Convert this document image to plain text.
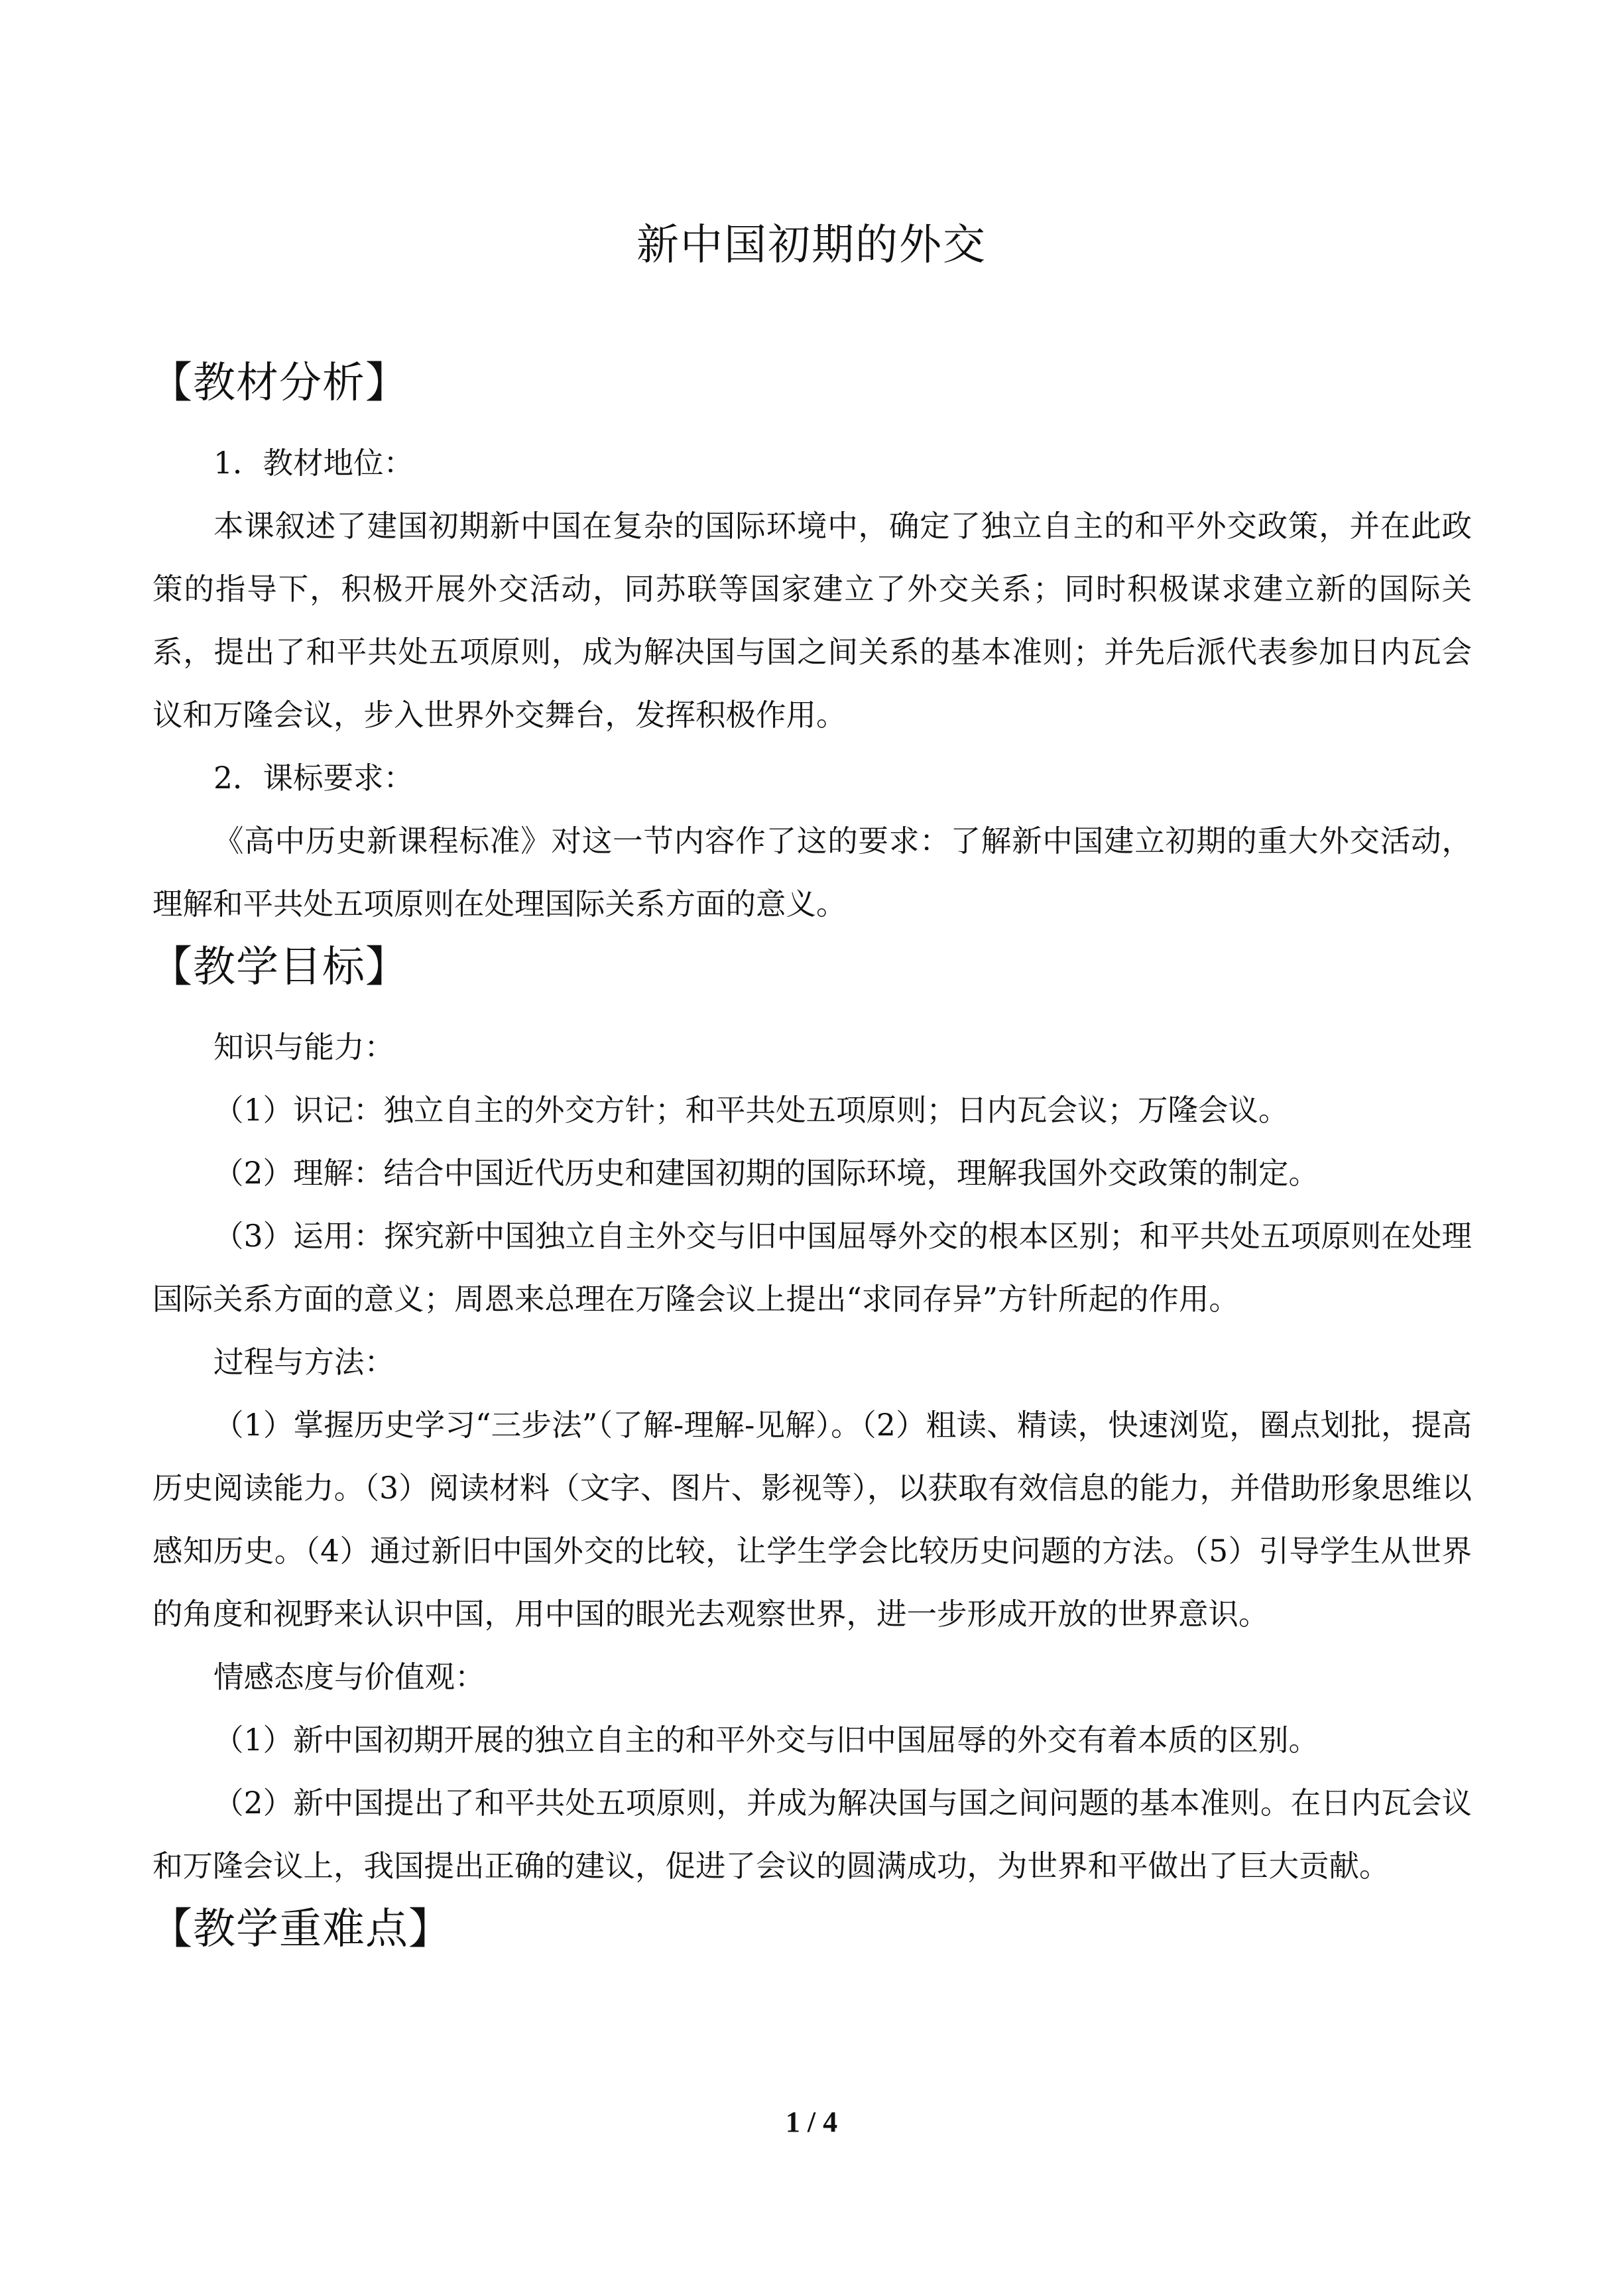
新中国初期的外交
【教材分析】

1．教材地位：

本课叙述了建国初期新中国在复杂的国际环境中，确定了独立自主的和平外交政策，并在此政策的指导下，积极开展外交活动，同苏联等国家建立了外交关系；同时积极谋求建立新的国际关系，提出了和平共处五项原则，成为解决国与国之间关系的基本准则；并先后派代表参加日内瓦会议和万隆会议，步入世界外交舞台，发挥积极作用。

2．课标要求：

《高中历史新课程标准》对这一节内容作了这的要求：了解新中国建立初期的重大外交活动，理解和平共处五项原则在处理国际关系方面的意义。

【教学目标】

知识与能力：

（1）识记：独立自主的外交方针；和平共处五项原则；日内瓦会议；万隆会议。

（2）理解：结合中国近代历史和建国初期的国际环境，理解我国外交政策的制定。

（3）运用：探究新中国独立自主外交与旧中国屈辱外交的根本区别；和平共处五项原则在处理国际关系方面的意义；周恩来总理在万隆会议上提出“求同存异”方针所起的作用。

过程与方法：

（1）掌握历史学习“三步法”（了解-理解-见解）。（2）粗读、精读，快速浏览，圈点划批，提高历史阅读能力。（3）阅读材料（文字、图片、影视等），以获取有效信息的能力，并借助形象思维以感知历史。（4）通过新旧中国外交的比较，让学生学会比较历史问题的方法。（5）引导学生从世界的角度和视野来认识中国，用中国的眼光去观察世界，进一步形成开放的世界意识。

情感态度与价值观：

（1）新中国初期开展的独立自主的和平外交与旧中国屈辱的外交有着本质的区别。

（2）新中国提出了和平共处五项原则，并成为解决国与国之间问题的基本准则。在日内瓦会议和万隆会议上，我国提出正确的建议，促进了会议的圆满成功，为世界和平做出了巨大贡献。

【教学重难点】
1 / 4
